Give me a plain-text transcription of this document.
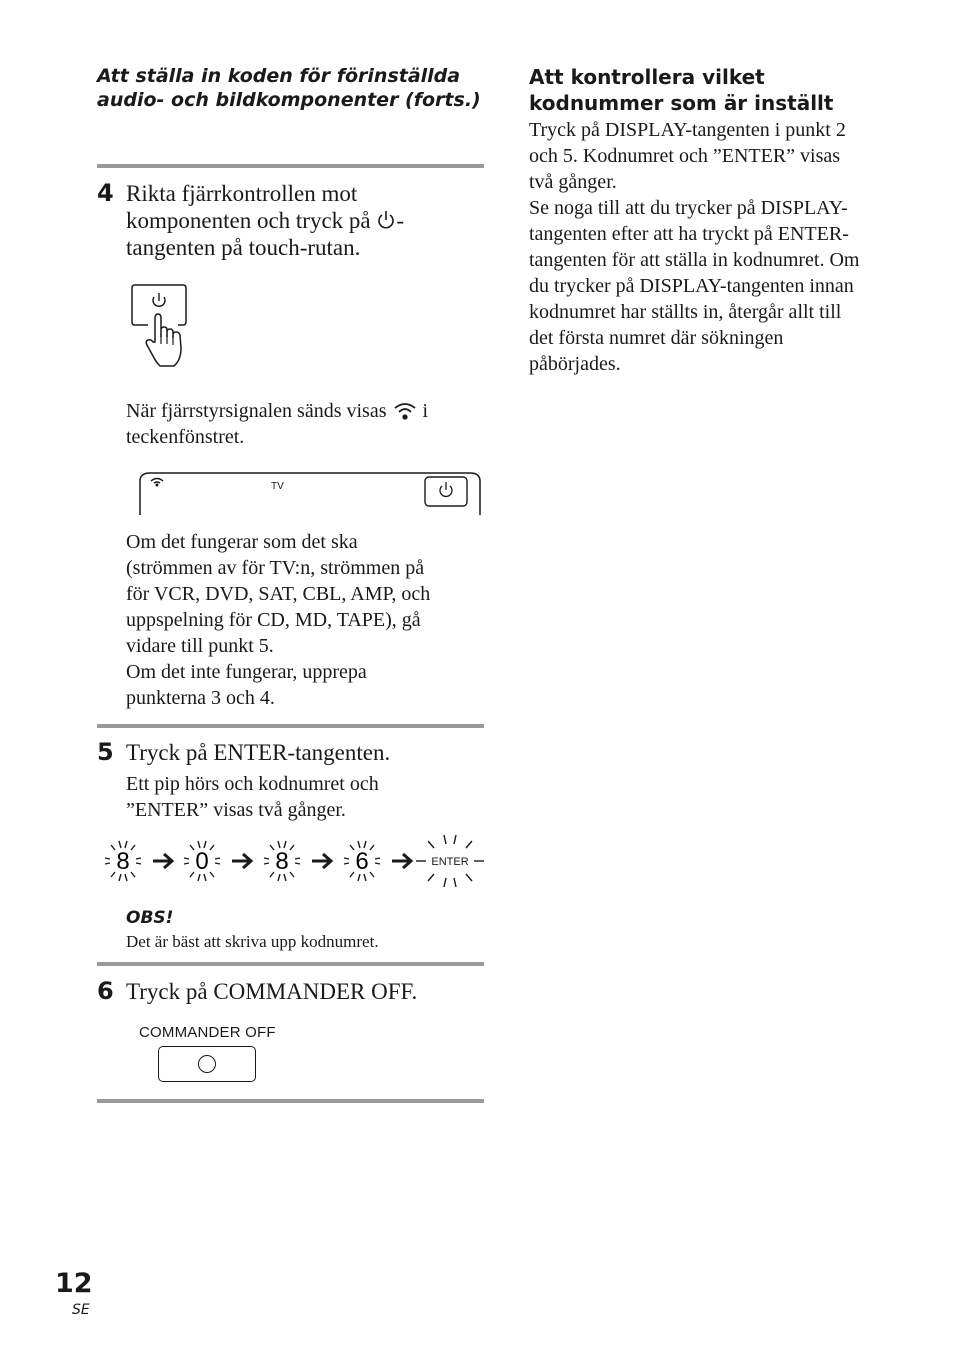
Att ställa in koden för förinställda audio- och bildkomponenter (forts.)
4 Rikta fjärrkontrollen mot komponenten och tryck på -tangenten på touch-rutan.
När fjärrstyrsignalen sänds visas  i teckenfönstret.
TV
Om det fungerar som det ska
(strömmen av för TV:n, strömmen på
för VCR, DVD, SAT, CBL, AMP, och
uppspelning för CD, MD, TAPE), gå
vidare till punkt 5.
Om det inte fungerar, upprepa
punkterna 3 och 4.
5 Tryck på ENTER-tangenten.
Ett pip hörs och kodnumret och
”ENTER” visas två gånger.
8	0	8	6	ENTER
OBS!
Det är bäst att skriva upp kodnumret.
6 Tryck på COMMANDER OFF.
COMMANDER OFF
Att kontrollera vilket
kodnummer som är inställt
Tryck på DISPLAY-tangenten i punkt 2
och 5. Kodnumret och ”ENTER” visas
två gånger.
Se noga till att du trycker på DISPLAY-
tangenten efter att ha tryckt på ENTER-
tangenten för att ställa in kodnumret. Om
du trycker på DISPLAY-tangenten innan
kodnumret har ställts in, återgår allt till
det första numret där sökningen
påbörjades.
12
SE
